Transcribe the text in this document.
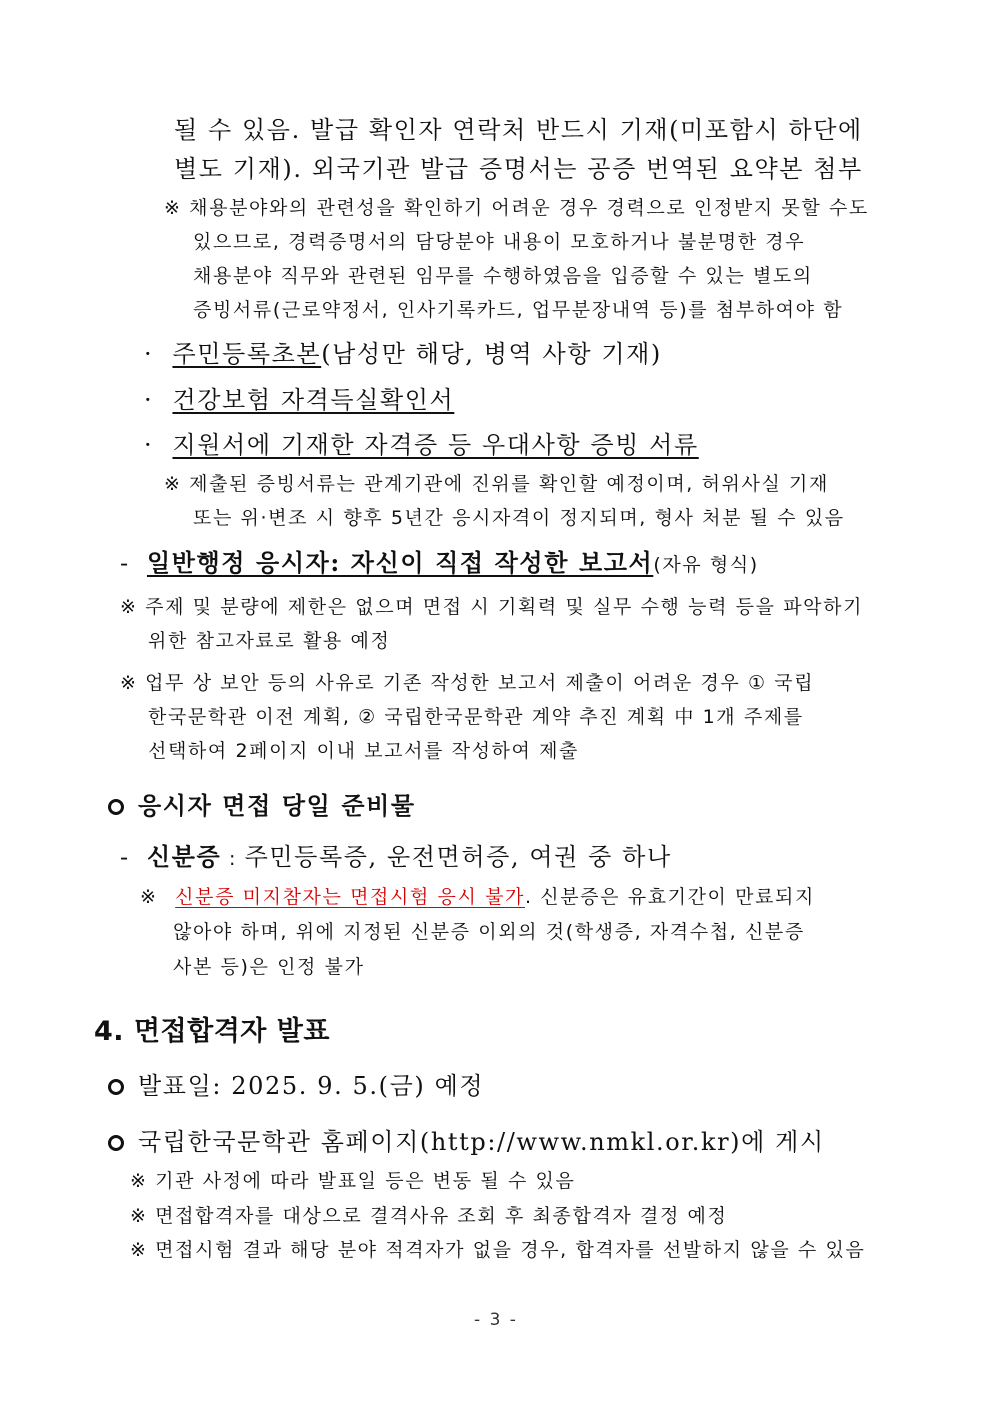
될 수 있음. 발급 확인자 연락처 반드시 기재(미포함시 하단에
별도 기재). 외국기관 발급 증명서는 공증 번역된 요약본 첨부
※ 채용분야와의 관련성을 확인하기 어려운 경우 경력으로 인정받지 못할 수도
있으므로, 경력증명서의 담당분야 내용이 모호하거나 불분명한 경우
채용분야 직무와 관련된 임무를 수행하였음을 입증할 수 있는 별도의
증빙서류(근로약정서, 인사기록카드, 업무분장내역 등)를 첨부하여야 함
· 주민등록초본(남성만 해당, 병역 사항 기재)
· 건강보험 자격득실확인서
· 지원서에 기재한 자격증 등 우대사항 증빙 서류
※ 제출된 증빙서류는 관계기관에 진위를 확인할 예정이며, 허위사실 기재
또는 위·변조 시 향후 5년간 응시자격이 정지되며, 형사 처분 될 수 있음
- 일반행정 응시자: 자신이 직접 작성한 보고서(자유 형식)
※ 주제 및 분량에 제한은 없으며 면접 시 기획력 및 실무 수행 능력 등을 파악하기
위한 참고자료로 활용 예정
※ 업무 상 보안 등의 사유로 기존 작성한 보고서 제출이 어려운 경우 ① 국립
한국문학관 이전 계획, ② 국립한국문학관 계약 추진 계획 中 1개 주제를
선택하여 2페이지 이내 보고서를 작성하여 제출
응시자 면접 당일 준비물
- 신분증 : 주민등록증, 운전면허증, 여권 중 하나
※ 신분증 미지참자는 면접시험 응시 불가. 신분증은 유효기간이 만료되지
않아야 하며, 위에 지정된 신분증 이외의 것(학생증, 자격수첩, 신분증
사본 등)은 인정 불가
4. 면접합격자 발표
발표일: 2025. 9. 5.(금) 예정
국립한국문학관 홈페이지(http://www.nmkl.or.kr)에 게시
※ 기관 사정에 따라 발표일 등은 변동 될 수 있음
※ 면접합격자를 대상으로 결격사유 조회 후 최종합격자 결정 예정
※ 면접시험 결과 해당 분야 적격자가 없을 경우, 합격자를 선발하지 않을 수 있음
- 3 -
